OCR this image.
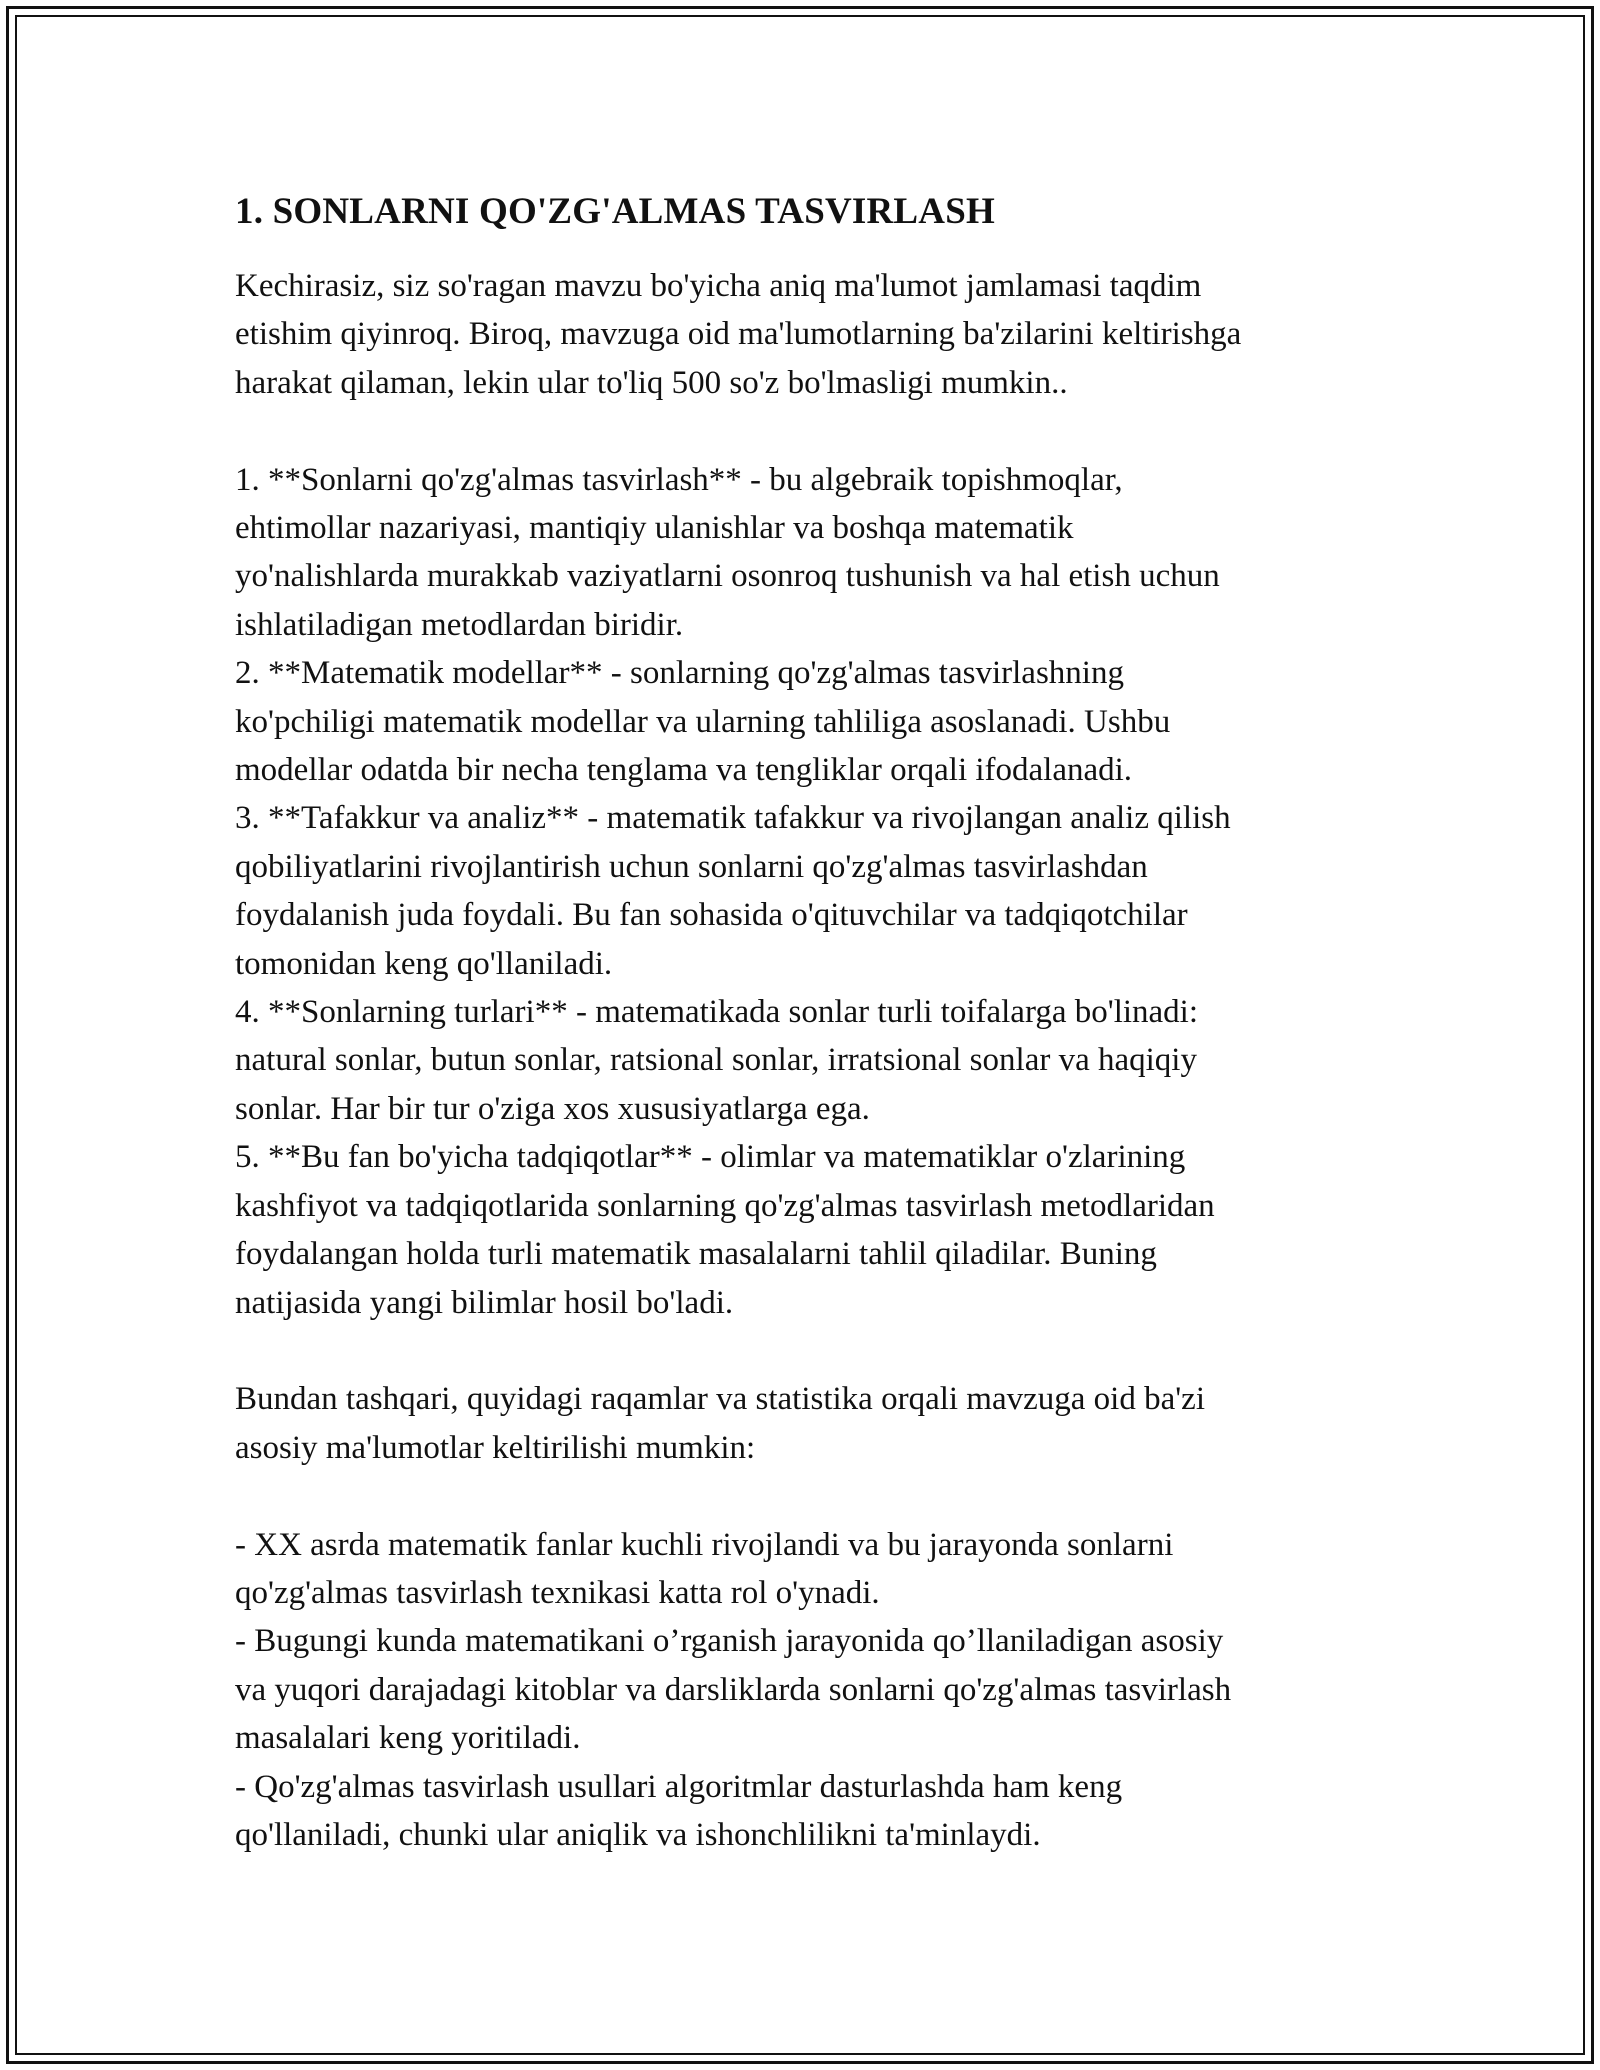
1. SONLARNI QO'ZG'ALMAS TASVIRLASH

Kechirasiz, siz so'ragan mavzu bo'yicha aniq ma'lumot jamlamasi taqdim
etishim qiyinroq. Biroq, mavzuga oid ma'lumotlarning ba'zilarini keltirishga
harakat qilaman, lekin ular to'liq 500 so'z bo'lmasligi mumkin..

1. **Sonlarni qo'zg'almas tasvirlash** - bu algebraik topishmoqlar,
ehtimollar nazariyasi, mantiqiy ulanishlar va boshqa matematik
yo'nalishlarda murakkab vaziyatlarni osonroq tushunish va hal etish uchun
ishlatiladigan metodlardan biridir.
2. **Matematik modellar** - sonlarning qo'zg'almas tasvirlashning
ko'pchiligi matematik modellar va ularning tahliliga asoslanadi. Ushbu
modellar odatda bir necha tenglama va tengliklar orqali ifodalanadi.
3. **Tafakkur va analiz** - matematik tafakkur va rivojlangan analiz qilish
qobiliyatlarini rivojlantirish uchun sonlarni qo'zg'almas tasvirlashdan
foydalanish juda foydali. Bu fan sohasida o'qituvchilar va tadqiqotchilar
tomonidan keng qo'llaniladi.
4. **Sonlarning turlari** - matematikada sonlar turli toifalarga bo'linadi:
natural sonlar, butun sonlar, ratsional sonlar, irratsional sonlar va haqiqiy
sonlar. Har bir tur o'ziga xos xususiyatlarga ega.
5. **Bu fan bo'yicha tadqiqotlar** - olimlar va matematiklar o'zlarining
kashfiyot va tadqiqotlarida sonlarning qo'zg'almas tasvirlash metodlaridan
foydalangan holda turli matematik masalalarni tahlil qiladilar. Buning
natijasida yangi bilimlar hosil bo'ladi.

Bundan tashqari, quyidagi raqamlar va statistika orqali mavzuga oid ba'zi
asosiy ma'lumotlar keltirilishi mumkin:

- XX asrda matematik fanlar kuchli rivojlandi va bu jarayonda sonlarni
qo'zg'almas tasvirlash texnikasi katta rol o'ynadi.
- Bugungi kunda matematikani o’rganish jarayonida qo’llaniladigan asosiy
va yuqori darajadagi kitoblar va darsliklarda sonlarni qo'zg'almas tasvirlash
masalalari keng yoritiladi.
- Qo'zg'almas tasvirlash usullari algoritmlar dasturlashda ham keng
qo'llaniladi, chunki ular aniqlik va ishonchlilikni ta'minlaydi.
